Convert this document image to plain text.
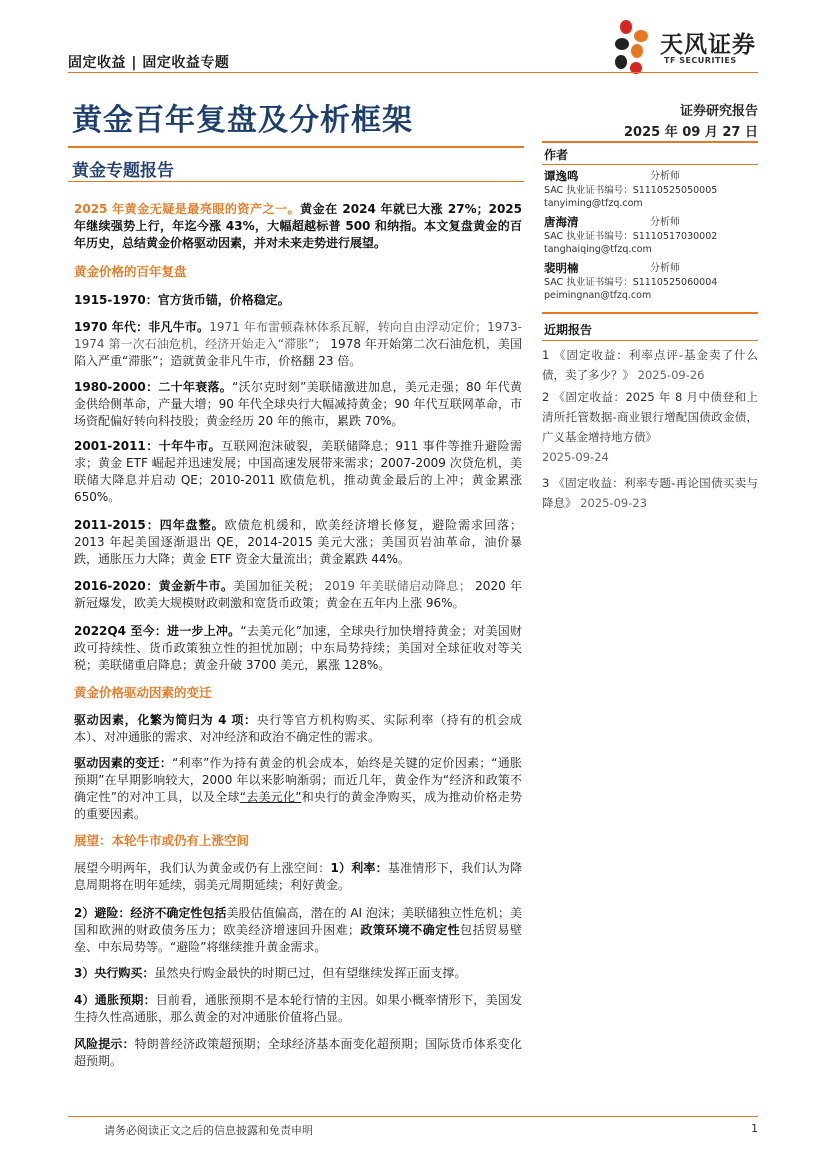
固定收益 | 固定收益专题
天风证券
TF SECURITIES
黄金百年复盘及分析框架	证券研究报告
2025 年 09 月 27 日
黄金专题报告
2025 年黄金无疑是最亮眼的资产之一。黄金在 2024 年就已大涨 27%；2025 年继续强势上行，年迄今涨 43%，大幅超越标普 500 和纳指。本文复盘黄金的百年历史，总结黄金价格驱动因素，并对未来走势进行展望。
黄金价格的百年复盘
1915-1970：官方货币锚，价格稳定。
1970 年代：非凡牛市。1971 年布雷顿森林体系瓦解，转向自由浮动定价；1973-1974 第一次石油危机，经济开始走入“滞胀”； 1978 年开始第二次石油危机，美国陷入严重“滞胀”；造就黄金非凡牛市，价格翻 23 倍。
1980-2000：二十年衰落。“沃尔克时刻”美联储激进加息，美元走强；80 年代黄金供给侧革命，产量大增；90 年代全球央行大幅减持黄金；90 年代互联网革命，市场资配偏好转向科技股；黄金经历 20 年的熊市，累跌 70%。
2001-2011：十年牛市。互联网泡沫破裂，美联储降息；911 事件等推升避险需求；黄金 ETF 崛起并迅速发展；中国高速发展带来需求；2007-2009 次贷危机，美联储大降息并启动 QE；2010-2011 欧债危机，推动黄金最后的上冲；黄金累涨 650%。
2011-2015：四年盘整。欧债危机缓和，欧美经济增长修复，避险需求回落； 2013 年起美国逐渐退出 QE，2014-2015 美元大涨；美国页岩油革命，油价暴跌，通胀压力大降；黄金 ETF 资金大量流出；黄金累跌 44%。
2016-2020：黄金新牛市。美国加征关税； 2019 年美联储启动降息； 2020 年新冠爆发，欧美大规模财政刺激和宽货币政策；黄金在五年内上涨 96%。
2022Q4 至今：进一步上冲。“去美元化”加速，全球央行加快增持黄金；对美国财政可持续性、货币政策独立性的担忧加剧；中东局势持续；美国对全球征收对等关税；美联储重启降息；黄金升破 3700 美元，累涨 128%。
黄金价格驱动因素的变迁
驱动因素，化繁为简归为 4 项：央行等官方机构购买、实际利率（持有的机会成本）、对冲通胀的需求、对冲经济和政治不确定性的需求。
驱动因素的变迁：“利率”作为持有黄金的机会成本，始终是关键的定价因素；“通胀预期”在早期影响较大，2000 年以来影响渐弱；而近几年，黄金作为“经济和政策不确定性”的对冲工具，以及全球“去美元化”和央行的黄金净购买，成为推动价格走势的重要因素。
展望：本轮牛市或仍有上涨空间
展望今明两年，我们认为黄金或仍有上涨空间：1）利率：基准情形下，我们认为降息周期将在明年延续，弱美元周期延续；利好黄金。
2）避险：经济不确定性包括美股估值偏高，潜在的 AI 泡沫；美联储独立性危机；美国和欧洲的财政债务压力；欧美经济增速回升困难；政策环境不确定性包括贸易壁垒、中东局势等。“避险”将继续推升黄金需求。
3）央行购买：虽然央行购金最快的时期已过，但有望继续发挥正面支撑。
4）通胀预期：目前看，通胀预期不是本轮行情的主因。如果小概率情形下，美国发生持久性高通胀，那么黄金的对冲通胀价值将凸显。
风险提示：特朗普经济政策超预期；全球经济基本面变化超预期；国际货币体系变化超预期。
作者
谭逸鸣	分析师
SAC 执业证书编号：S1110525050005
tanyiming@tfzq.com
唐海清	分析师
SAC 执业证书编号：S1110517030002
tanghaiqing@tfzq.com
裴明楠	分析师
SAC 执业证书编号：S1110525060004
peimingnan@tfzq.com
近期报告
1 《固定收益：利率点评-基金卖了什么债，卖了多少？》 2025-09-26
2 《固定收益：2025 年 8 月中债登和上清所托管数据-商业银行增配国债政金债，广义基金增持地方债》
2025-09-24
3 《固定收益：利率专题-再论国债买卖与降息》 2025-09-23
请务必阅读正文之后的信息披露和免责申明	1
